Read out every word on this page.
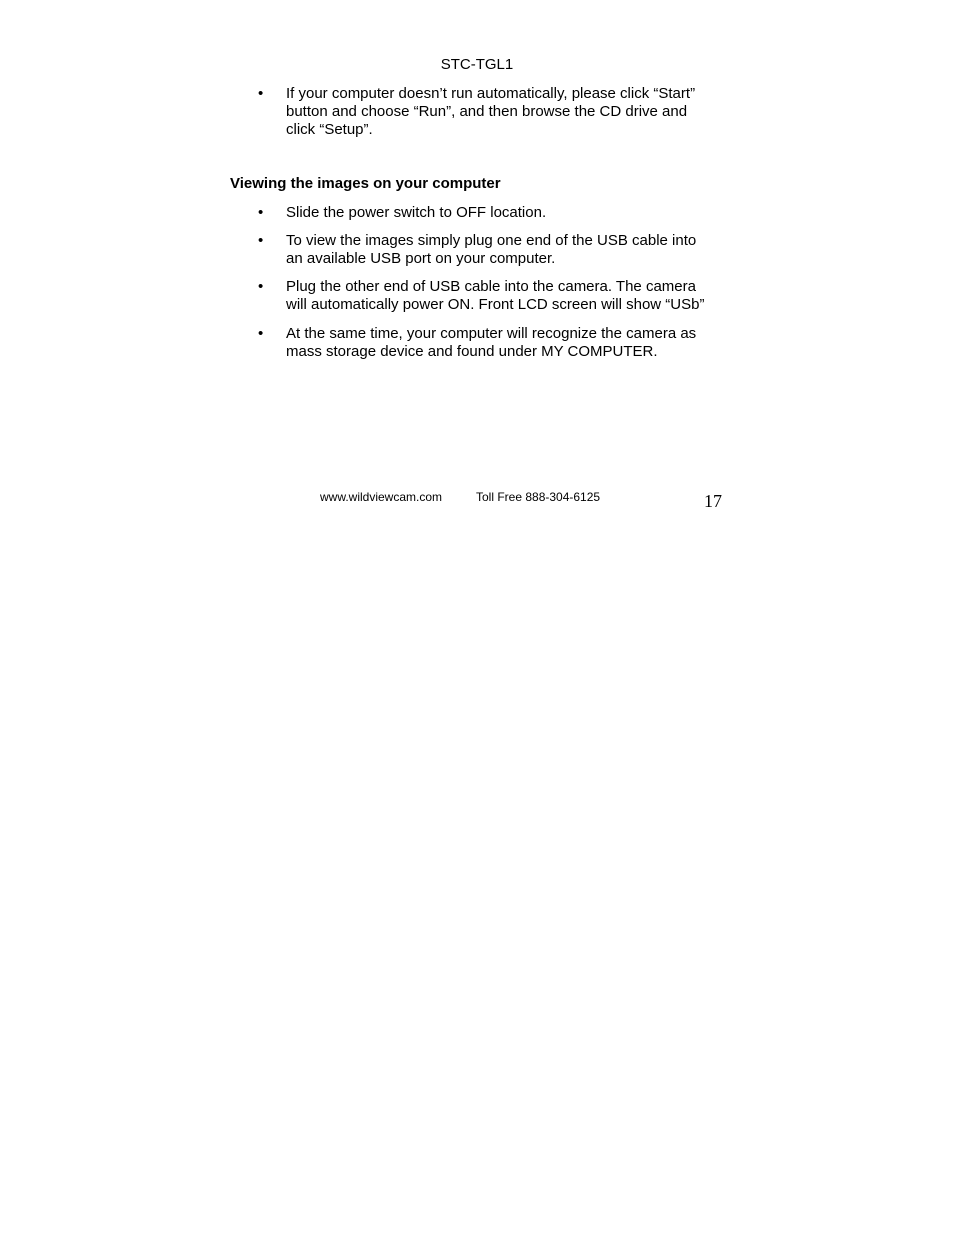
STC-TGL1
•	If your computer doesn’t run automatically, please click “Start”
button and choose “Run”, and then browse the CD drive and
click “Setup”.
Viewing the images on your computer
•	Slide the power switch to OFF location.
•	To view the images simply plug one end of the USB cable into
an available USB port on your computer.
•	Plug the other end of USB cable into the camera. The camera
will automatically power ON. Front LCD screen will show “USb”
•	At the same time, your computer will recognize the camera as
mass storage device and found under MY COMPUTER.
www.wildviewcam.com	Toll Free 888-304-6125	17
